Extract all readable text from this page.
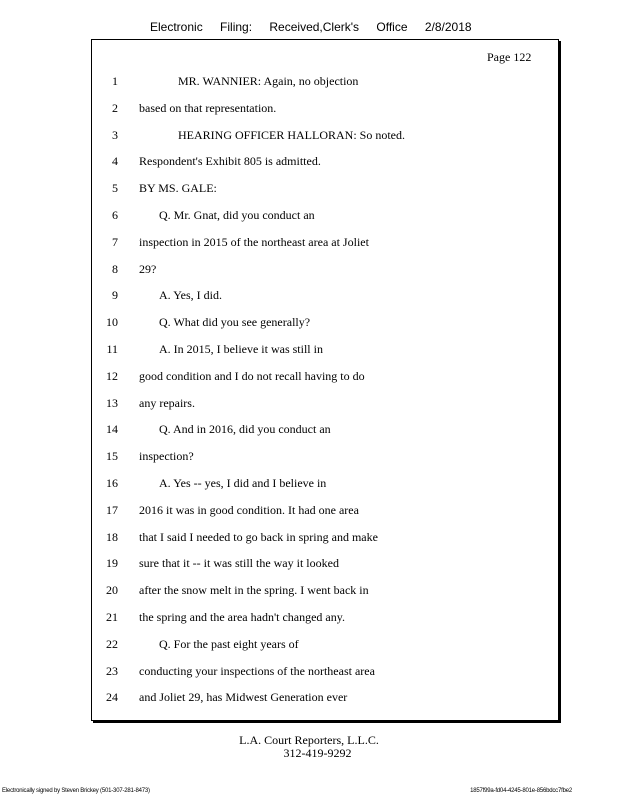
Electronic Filing: Received,Clerk's Office 2/8/2018
Page 122
1	MR. WANNIER: Again, no objection
2 based on that representation.
3	HEARING OFFICER HALLORAN: So noted.
4 Respondent's Exhibit 805 is admitted.
5 BY MS. GALE:
6	Q. Mr. Gnat, did you conduct an
7 inspection in 2015 of the northeast area at Joliet
8 29?
9	A. Yes, I did.
10	Q. What did you see generally?
11	A. In 2015, I believe it was still in
12 good condition and I do not recall having to do
13 any repairs.
14	Q. And in 2016, did you conduct an
15 inspection?
16	A. Yes -- yes, I did and I believe in
17 2016 it was in good condition. It had one area
18 that I said I needed to go back in spring and make
19 sure that it -- it was still the way it looked
20 after the snow melt in the spring. I went back in
21 the spring and the area hadn't changed any.
22	Q. For the past eight years of
23 conducting your inspections of the northeast area
24 and Joliet 29, has Midwest Generation ever
L.A. Court Reporters, L.L.C.
312-419-9292
Electronically signed by Steven Brickey (501-307-281-8473)	1857f99a-fd04-4245-801e-856bdcc7fbe2
